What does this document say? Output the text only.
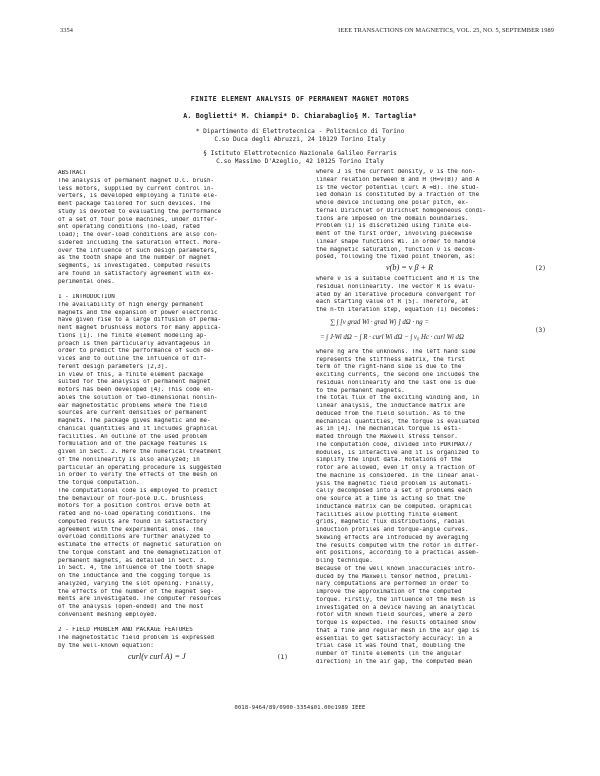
3354	IEEE TRANSACTIONS ON MAGNETICS, VOL. 25, NO. 5, SEPTEMBER 1989
FINITE ELEMENT ANALYSIS OF PERMANENT MAGNET MOTORS
A. Boglietti* M. Chiampi* D. Chiarabaglio§ M. Tartaglia*
* Dipartimento di Elettrotecnica - Politecnico di Torino
C.so Duca degli Abruzzi, 24 10129 Torino Italy
§ Istituto Elettrotecnico Nazionale Galileo Ferraris
C.so Massimo D'Azeglio, 42 10125 Torino Italy
ABSTRACT
The analysis of permanent magnet D.C. brush-
less motors, supplied by current control in-
verters, is developed employing a finite ele-
ment package tailored for such devices. The
study is devoted to evaluating the performance
of a set of four pole machines, under differ-
ent operating conditions (no-load, rated
load); the over-load conditions are also con-
sidered including the saturation effect. More-
over the influence of such design parameters,
as the tooth shape and the number of magnet
segments, is investigated. Computed results
are found in satisfactory agreement with ex-
perimental ones.
1 - INTRODUCTION
The availability of high energy permanent
magnets and the expansion of power electronic
have given rise to a large diffusion of perma-
nent magnet brushless motors for many applica-
tions [1]. The finite element modeling ap-
proach is then particularly advantageous in
order to predict the performance of such de-
vices and to outline the influence of dif-
ferent design parameters [2,3].
In view of this, a finite element package
suited for the analysis of permanent magnet
motors has been developed [4]. This code en-
ables the solution of two-dimensional nonlin-
ear magnetostatic problems where the field
sources are current densities or permanent
magnets. The package gives magnetic and me-
chanical quantities and it includes graphical
facilities. An outline of the used problem
formulation and of the package features is
given in Sect. 2. Here the numerical treatment
of the nonlinearity is also analyzed; in
particular an operating procedure is suggested
in order to verify the effects of the mesh on
the torque computation.
The computational code is employed to predict
the behaviour of four-pole D.C. brushless
motors for a position control drive both at
rated and no-load operating conditions. The
computed results are found in satisfactory
agreement with the experimental ones. The
overload conditions are further analyzed to
estimate the effects of magnetic saturation on
the torque constant and the demagnetization of
permanent magnets, as detailed in Sect. 3.
In Sect. 4, the influence of the tooth shape
on the inductance and the cogging torque is
analyzed, varying the slot opening. Finally,
the effects of the number of the magnet seg-
ments are investigated. The computer resources
of the analysis (open-ended) and the most
convenient meshing employed.
2 - FIELD PROBLEM AND PACKAGE FEATURES
The magnetostatic field problem is expressed
by the well-known equation:
curl(ν curl A) = J	(1)
where J is the current density, ν is the non-
linear relation between B and H (H=ν(B)) and A
is the vector potential (curl A =B). The stud-
ied domain is constituted by a fraction of the
whole device including one polar pitch, ex-
ternal Dirichlet or Dirichlet homogeneous condi-
tions are imposed on the domain boundaries.
Problem (1) is discretized using finite ele-
ment of the first order, involving piecewise
linear shape functions Wi. In order to handle
the magnetic saturation, function ν is decom-
posed, following the fixed point theorem, as:
ν(b) = ν β + R	(2)
where ν is a suitable coefficient and R is the
residual nonlinearity. The vector R is evalu-
ated by an iterative procedure convergent for
each starting value of R [5]. Therefore, at
the n-th iteration step, equation (1) becomes:
∑ ∫ [ν grad Wi · grad Wj ] dΩ · ng =
= ∫ J·Wi dΩ − ∫ R · curl Wi dΩ − ∫ ν₀ Hc · curl Wi dΩ
(3)
where ng are the unknowns. The left hand side
represents the stiffness matrix, the first
term of the right-hand side is due to the
exciting currents, the second one includes the
residual nonlinearity and the last one is due
to the permanent magnets.
The total flux of the exciting winding and, in
linear analysis, the inductance matrix are
deduced from the field solution. As to the
mechanical quantities, the torque is evaluated
as in [4]. The mechanical torque is esti-
mated through the Maxwell stress tensor.
The computation code, divided into PORTMAX77
modules, is interactive and it is organized to
simplify the input data. Rotations of the
rotor are allowed, even if only a fraction of
the machine is considered. In the linear anal-
ysis the magnetic field problem is automati-
cally decomposed into a set of problems each
one source at a time is acting so that the
inductance matrix can be computed. Graphical
facilities allow plotting finite element
grids, magnetic flux distributions, radial
induction profiles and torque-angle curves.
Skewing effects are introduced by averaging
the results computed with the rotor in differ-
ent positions, according to a practical assem-
bling technique.
Because of the well known inaccuracies intro-
duced by the Maxwell tensor method, prelimi-
nary computations are performed in order to
improve the approximation of the computed
torque. Firstly, the influence of the mesh is
investigated on a device having an analytical
rotor with known field sources, where a zero
torque is expected. The results obtained show
that a fine and regular mesh in the air gap is
essential to get satisfactory accuracy: in a
trial case it was found that, doubling the
number of finite elements (in the angular
direction) in the air gap, the computed mean
0018-9464/89/0900-3354$01.00©1989 IEEE
